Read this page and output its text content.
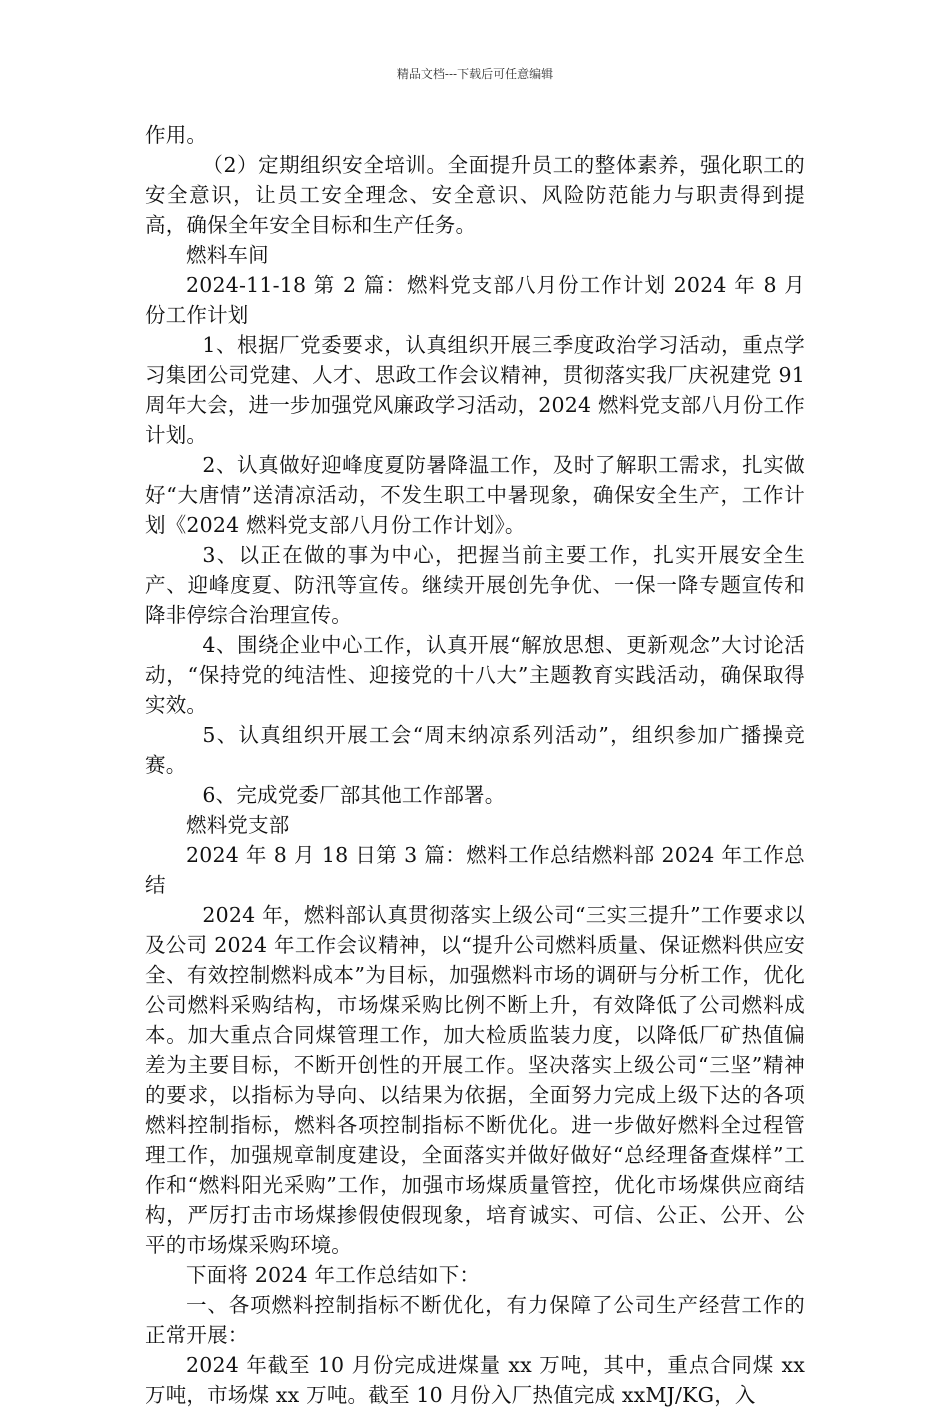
精品文档---下载后可任意编辑

作用。

（2）定期组织安全培训。全面提升员工的整体素养，强化职工的安全意识，让员工安全理念、安全意识、风险防范能力与职责得到提高，确保全年安全目标和生产任务。

燃料车间

2024-11-18 第 2 篇：燃料党支部八月份工作计划 2024 年 8 月份工作计划

1、根据厂党委要求，认真组织开展三季度政治学习活动，重点学习集团公司党建、人才、思政工作会议精神，贯彻落实我厂庆祝建党 91 周年大会，进一步加强党风廉政学习活动，2024 燃料党支部八月份工作计划。

2、认真做好迎峰度夏防暑降温工作，及时了解职工需求，扎实做好“大唐情”送清凉活动，不发生职工中暑现象，确保安全生产，工作计划《2024 燃料党支部八月份工作计划》。

3、以正在做的事为中心，把握当前主要工作，扎实开展安全生产、迎峰度夏、防汛等宣传。继续开展创先争优、一保一降专题宣传和降非停综合治理宣传。

4、围绕企业中心工作，认真开展“解放思想、更新观念”大讨论活动，“保持党的纯洁性、迎接党的十八大”主题教育实践活动，确保取得实效。

5、认真组织开展工会“周末纳凉系列活动”，组织参加广播操竞赛。

6、完成党委厂部其他工作部署。

燃料党支部

2024 年 8 月 18 日第 3 篇：燃料工作总结燃料部 2024 年工作总结

2024 年，燃料部认真贯彻落实上级公司“三实三提升”工作要求以及公司 2024 年工作会议精神，以“提升公司燃料质量、保证燃料供应安全、有效控制燃料成本”为目标，加强燃料市场的调研与分析工作，优化公司燃料采购结构，市场煤采购比例不断上升，有效降低了公司燃料成本。加大重点合同煤管理工作，加大检质监装力度，以降低厂矿热值偏差为主要目标，不断开创性的开展工作。坚决落实上级公司“三坚”精神的要求，以指标为导向、以结果为依据，全面努力完成上级下达的各项燃料控制指标，燃料各项控制指标不断优化。进一步做好燃料全过程管理工作，加强规章制度建设，全面落实并做好做好“总经理备查煤样”工作和“燃料阳光采购”工作，加强市场煤质量管控，优化市场煤供应商结构，严厉打击市场煤掺假使假现象，培育诚实、可信、公正、公开、公平的市场煤采购环境。

下面将 2024 年工作总结如下：

一、各项燃料控制指标不断优化，有力保障了公司生产经营工作的正常开展：

2024 年截至 10 月份完成进煤量 xx 万吨，其中，重点合同煤 xx 万吨，市场煤 xx 万吨。截至 10 月份入厂热值完成 xxMJ/KG，入
